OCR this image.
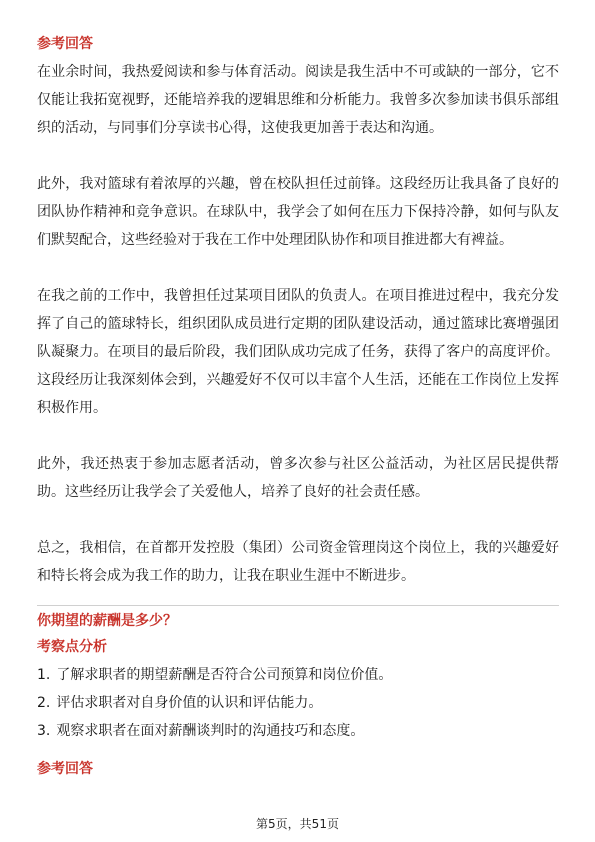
参考回答

在业余时间，我热爱阅读和参与体育活动。阅读是我生活中不可或缺的一部分，它不仅能让我拓宽视野，还能培养我的逻辑思维和分析能力。我曾多次参加读书俱乐部组织的活动，与同事们分享读书心得，这使我更加善于表达和沟通。

此外，我对篮球有着浓厚的兴趣，曾在校队担任过前锋。这段经历让我具备了良好的团队协作精神和竞争意识。在球队中，我学会了如何在压力下保持冷静，如何与队友们默契配合，这些经验对于我在工作中处理团队协作和项目推进都大有裨益。

在我之前的工作中，我曾担任过某项目团队的负责人。在项目推进过程中，我充分发挥了自己的篮球特长，组织团队成员进行定期的团队建设活动，通过篮球比赛增强团队凝聚力。在项目的最后阶段，我们团队成功完成了任务，获得了客户的高度评价。这段经历让我深刻体会到，兴趣爱好不仅可以丰富个人生活，还能在工作岗位上发挥积极作用。

此外，我还热衷于参加志愿者活动，曾多次参与社区公益活动，为社区居民提供帮助。这些经历让我学会了关爱他人，培养了良好的社会责任感。

总之，我相信，在首都开发控股（集团）公司资金管理岗这个岗位上，我的兴趣爱好和特长将会成为我工作的助力，让我在职业生涯中不断进步。

你期望的薪酬是多少？

考察点分析

1. 了解求职者的期望薪酬是否符合公司预算和岗位价值。

2. 评估求职者对自身价值的认识和评估能力。

3. 观察求职者在面对薪酬谈判时的沟通技巧和态度。

参考回答

第5页，共51页
